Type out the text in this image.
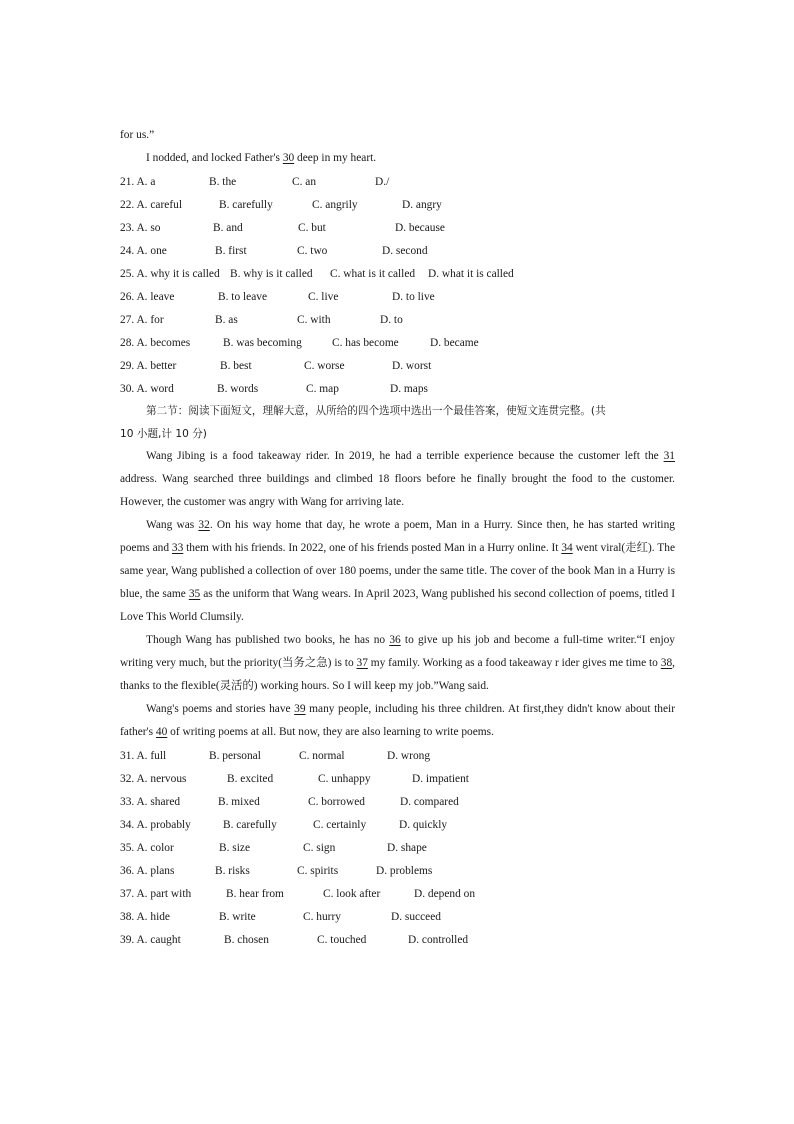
for us.”
I nodded, and locked Father's 30 deep in my heart.
21. A. a	B. the	C. an	D./
22. A. careful	B. carefully	C. angrily	D. angry
23. A. so	B. and	C. but	D. because
24. A. one	B. first	C. two	D. second
25. A. why it is called B. why is it called C. what is it called D. what it is called
26. A. leave	B. to leave	C. live	D. to live
27. A. for	B. as	C. with	D. to
28. A. becomes	B. was becoming	C. has become	D. became
29. A. better	B. best	C. worse	D. worst
30. A. word	B. words	C. map	D. maps
第二节：阅读下面短文，理解大意，从所给的四个选项中选出一个最佳答案，使短文连贯完整。(共
10 小题,计 10 分)

Wang Jibing is a food takeaway rider. In 2019, he had a terrible experience because the customer left the 31 address. Wang searched three buildings and climbed 18 floors before he finally brought the food to the customer. However, the customer was angry with Wang for arriving late.

Wang was 32. On his way home that day, he wrote a poem, Man in a Hurry. Since then, he has started writing poems and 33 them with his friends. In 2022, one of his friends posted Man in a Hurry online. It 34 went viral(走红). The same year, Wang published a collection of over 180 poems, under the same title. The cover of the book Man in a Hurry is blue, the same 35 as the uniform that Wang wears. In April 2023, Wang published his second collection of poems, titled I Love This World Clumsily.

Though Wang has published two books, he has no 36 to give up his job and become a full-time writer.“I enjoy writing very much, but the priority(当务之急) is to 37 my family. Working as a food takeaway r ider gives me time to 38, thanks to the flexible(灵活的) working hours. So I will keep my job.”Wang said.

Wang's poems and stories have 39 many people, including his three children. At first,they didn't know about their father's 40 of writing poems at all. But now, they are also learning to write poems.

31. A. full	B. personal	C. normal	D. wrong
32. A. nervous	B. excited	C. unhappy	D. impatient
33. A. shared	B. mixed	C. borrowed	D. compared
34. A. probably	B. carefully	C. certainly	D. quickly
35. A. color	B. size	C. sign	D. shape
36. A. plans	B. risks	C. spirits	D. problems
37. A. part with	B. hear from	C. look after	D. depend on
38. A. hide	B. write	C. hurry	D. succeed
39. A. caught	B. chosen	C. touched	D. controlled
